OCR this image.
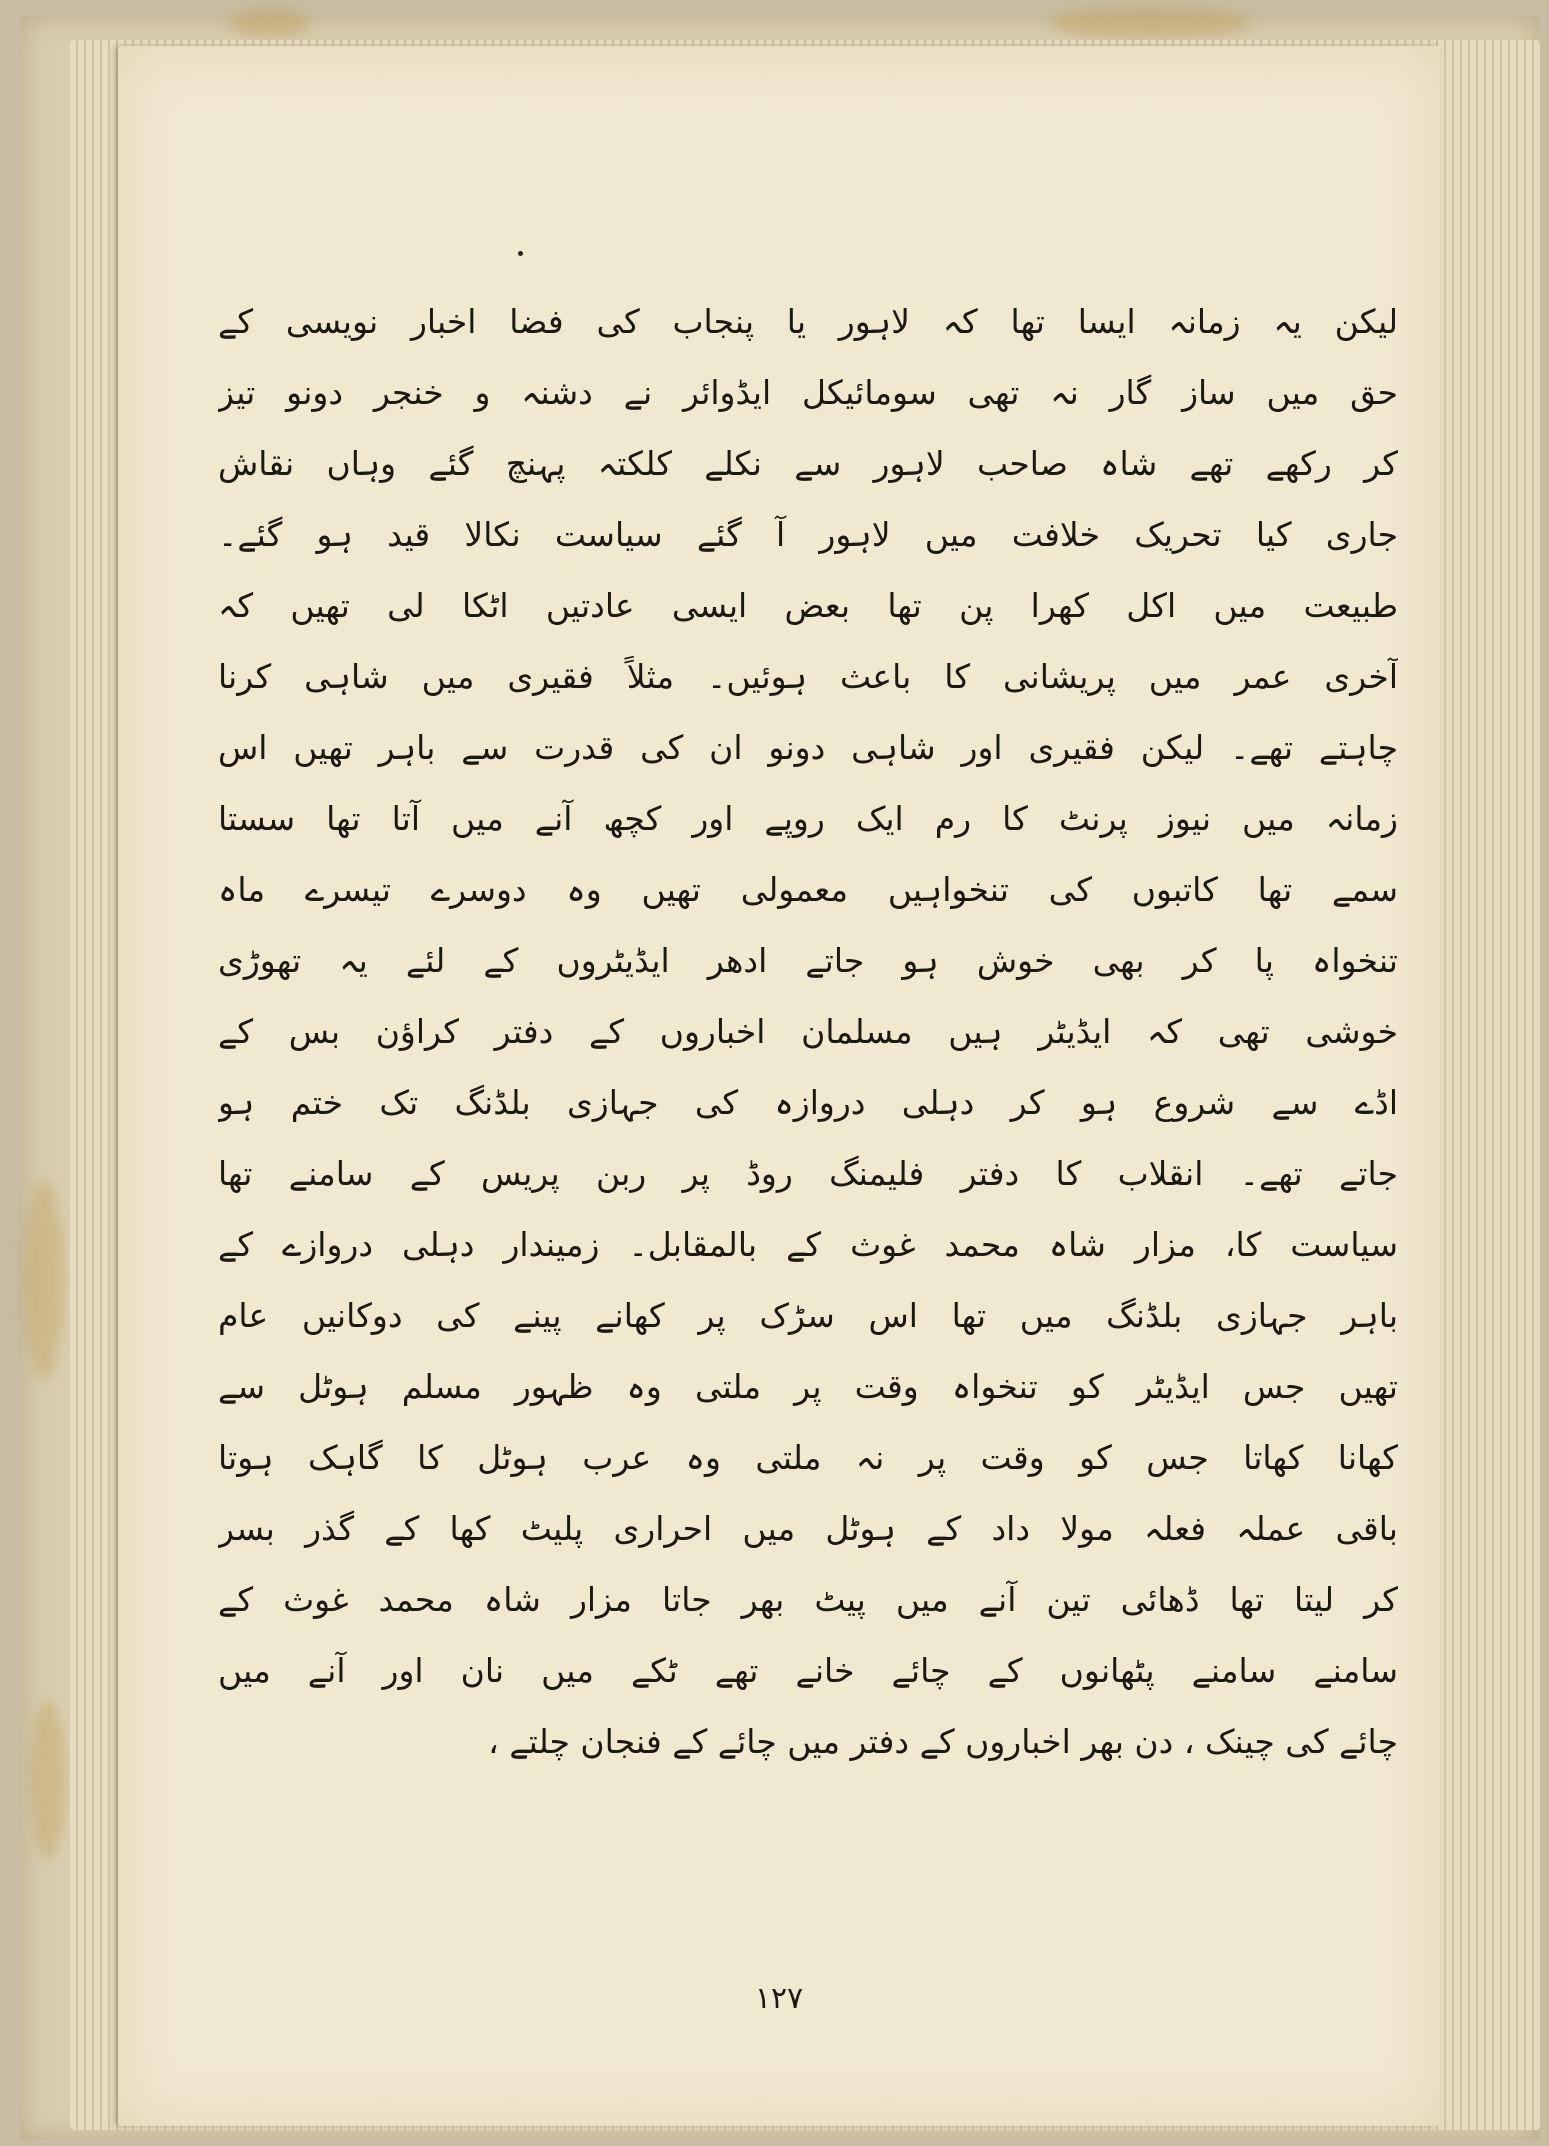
لیکن یہ زمانہ ایسا تھا کہ لاہور یا پنجاب کی فضا اخبار نویسی کے
حق میں ساز گار نہ تھی سومائیکل ایڈوائر نے دشنہ و خنجر دونو تیز
کر رکھے تھے شاہ صاحب لاہور سے نکلے کلکتہ پہنچ گئے وہاں نقاش
جاری کیا تحریک خلافت میں لاہور آ گئے سیاست نکالا قید ہو گئے۔
طبیعت میں اکل کھرا پن تھا بعض ایسی عادتیں اٹکا لی تھیں کہ
آخری عمر میں پریشانی کا باعث ہوئیں۔ مثلاً فقیری میں شاہی کرنا
چاہتے تھے۔ لیکن فقیری اور شاہی دونو ان کی قدرت سے باہر تھیں اس
زمانہ میں نیوز پرنٹ کا رم ایک روپے اور کچھ آنے میں آتا تھا سستا
سمے تھا کاتبوں کی تنخواہیں معمولی تھیں وہ دوسرے تیسرے ماہ
تنخواہ پا کر بھی خوش ہو جاتے ادھر ایڈیٹروں کے لئے یہ تھوڑی
خوشی تھی کہ ایڈیٹر ہیں مسلمان اخباروں کے دفتر کراؤن بس کے
اڈے سے شروع ہو کر دہلی دروازہ کی جہازی بلڈنگ تک ختم ہو
جاتے تھے۔ انقلاب کا دفتر فلیمنگ روڈ پر ربن پریس کے سامنے تھا
سیاست کا، مزار شاہ محمد غوث کے بالمقابل۔ زمیندار دہلی دروازے کے
باہر جہازی بلڈنگ میں تھا اس سڑک پر کھانے پینے کی دوکانیں عام
تھیں جس ایڈیٹر کو تنخواہ وقت پر ملتی وہ ظہور مسلم ہوٹل سے
کھانا کھاتا جس کو وقت پر نہ ملتی وہ عرب ہوٹل کا گاہک ہوتا
باقی عملہ فعلہ مولا داد کے ہوٹل میں احراری پلیٹ کھا کے گذر بسر
کر لیتا تھا ڈھائی تین آنے میں پیٹ بھر جاتا مزار شاہ محمد غوث کے
سامنے سامنے پٹھانوں کے چائے خانے تھے ٹکے میں نان اور آنے میں
چائے کی چینک ، دن بھر اخباروں کے دفتر میں چائے کے فنجان چلتے ،
۱۲۷
